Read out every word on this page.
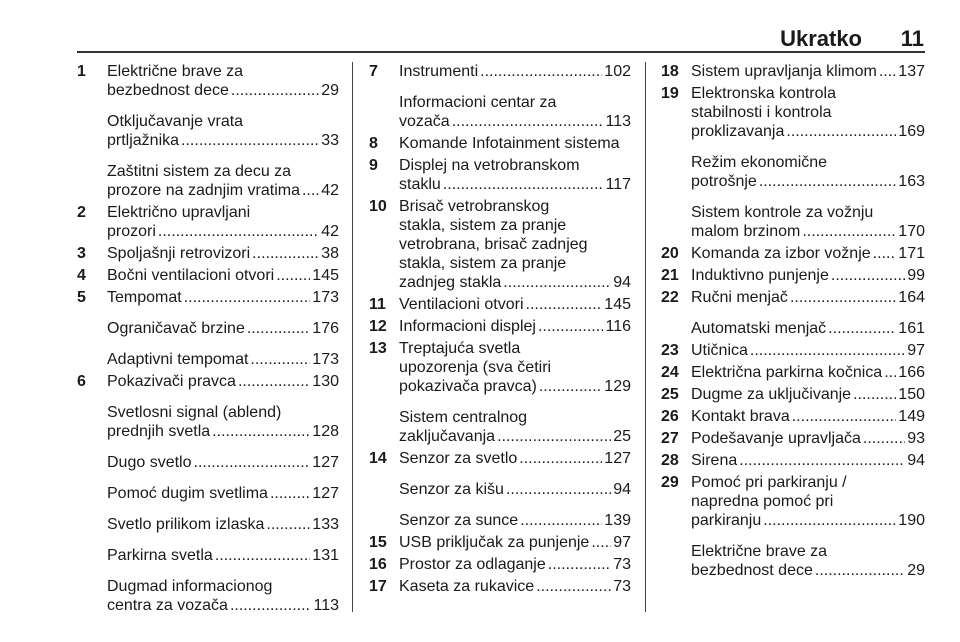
Ukratko 11
1 Električne brave za
bezbednost dece .....	29
Otključavanje vrata
prtljažnika .....	33
Zaštitni sistem za decu za
prozore na zadnjim vratima ..... 42
2 Električno upravljani
prozori .....	42
3 Spoljašnji retrovizori .....	38
4 Bočni ventilacioni otvori ..... 145
5 Tempomat .....	173
Ograničavač brzine .....	176
Adaptivni tempomat .....	173
6 Pokazivači pravca .....	130
Svetlosni signal (ablend)
prednjih svetla .....	128
Dugo svetlo .....	127
Pomoć dugim svetlima .....	127
Svetlo prilikom izlaska .....	133
Parkirna svetla .....	131
Dugmad informacionog
centra za vozača .....	113
7 Instrumenti .....	102
Informacioni centar za
vozača .....	113
8 Komande Infotainment sistema
9 Displej na vetrobranskom
staklu .....	117
10 Brisač vetrobranskog
stakla, sistem za pranje
vetrobrana, brisač zadnjeg
stakla, sistem za pranje
zadnjeg stakla .....	94
11 Ventilacioni otvori .....	145
12 Informacioni displej .....	116
13 Treptajuća svetla
upozorenja (sva četiri
pokazivača pravca) .....	129
Sistem centralnog
zaključavanja .....	25
14 Senzor za svetlo .....	127
Senzor za kišu .....	94
Senzor za sunce .....	139
15 USB priključak za punjenje ..... 97
16 Prostor za odlaganje .....	73
17 Kaseta za rukavice .....	73
18 Sistem upravljanja klimom ..... 137
19 Elektronska kontrola
stabilnosti i kontrola
proklizavanja .....	169
Režim ekonomične
potrošnje .....	163
Sistem kontrole za vožnju
malom brzinom .....	170
20 Komanda za izbor vožnje ..... 171
21 Induktivno punjenje .....	99
22 Ručni menjač .....	164
Automatski menjač .....	161
23 Utičnica .....	97
24 Električna parkirna kočnica ..... 166
25 Dugme za uključivanje .....	150
26 Kontakt brava .....	149
27 Podešavanje upravljača .....	93
28 Sirena .....	94
29 Pomoć pri parkiranju /
napredna pomoć pri
parkiranju .....	190
Električne brave za
bezbednost dece .....	29
